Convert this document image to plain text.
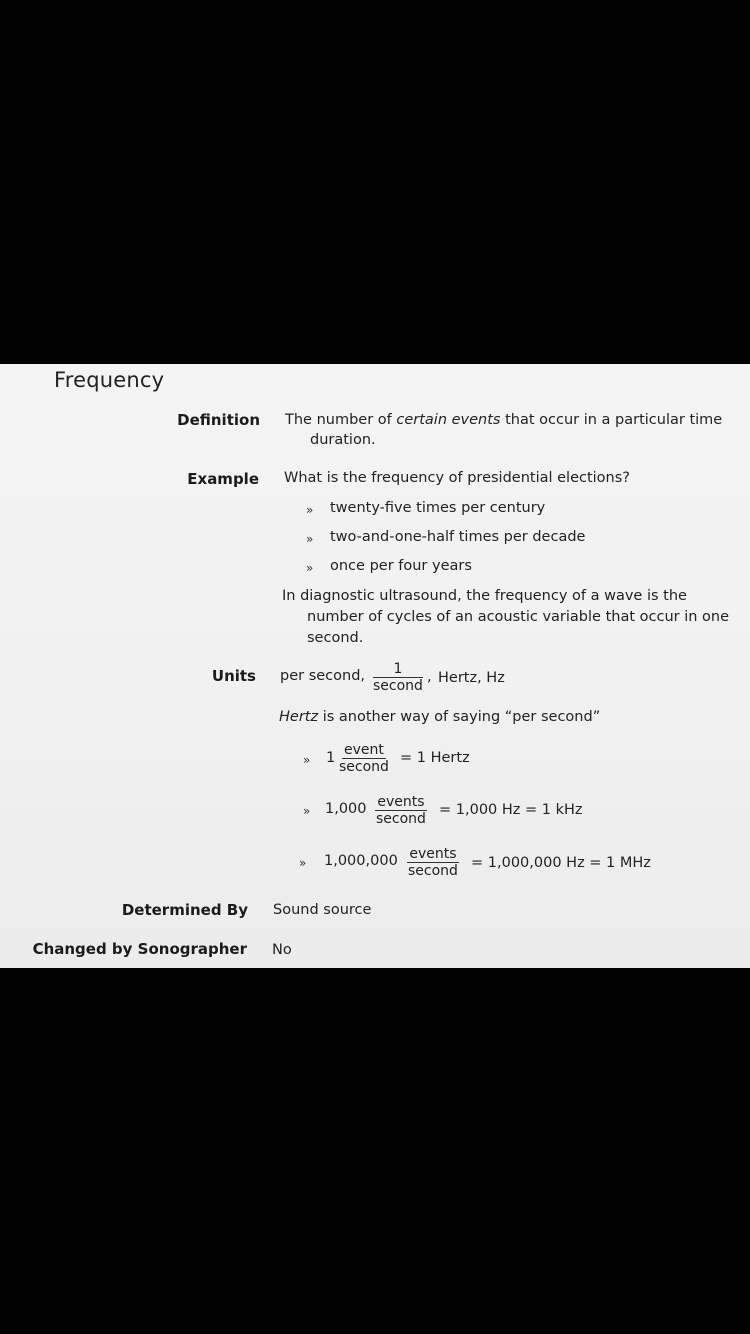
Frequency
Definition The number of certain events that occur in a particular time
duration.
Example What is the frequency of presidential elections?
» twenty-five times per century
» two-and-one-half times per decade
» once per four years
In diagnostic ultrasound, the frequency of a wave is the
number of cycles of an acoustic variable that occur in one
second.
Units per second,	1
second
, Hertz, Hz
Hertz is another way of saying “per second”
» 1 event
second
= 1 Hertz
» 1,000 events
second
= 1,000 Hz = 1 kHz
» 1,000,000 events
second = 1,000,000 Hz = 1 MHz
Determined By Sound source
Changed by Sonographer No
